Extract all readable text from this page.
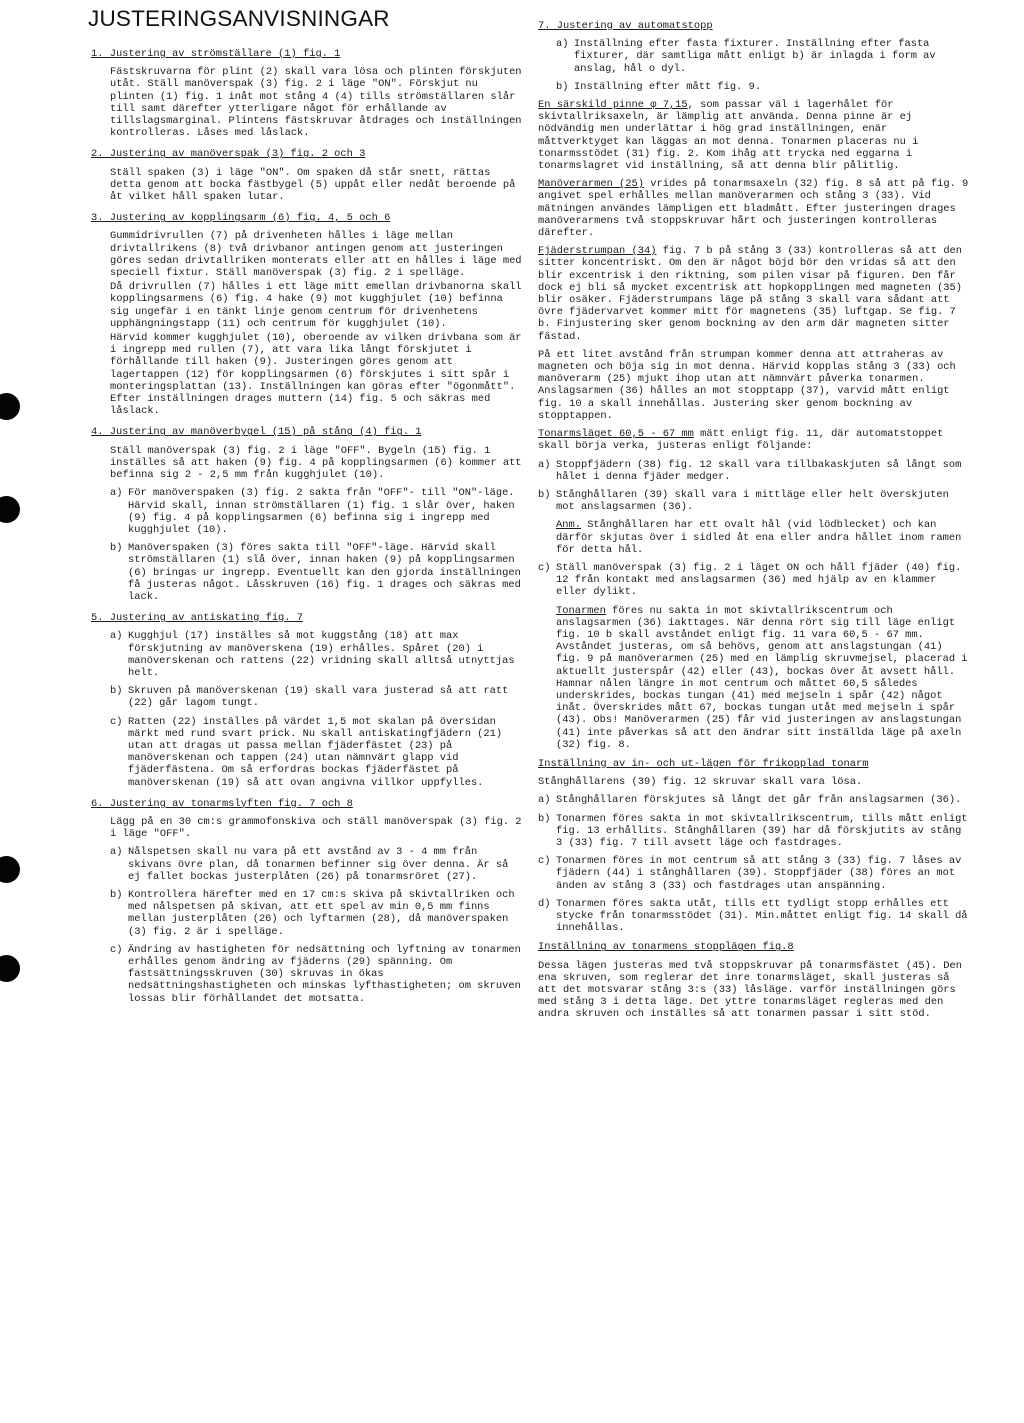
JUSTERINGSANVISNINGAR
1. Justering av strömställare (1) fig. 1
Fästskruvarna för plint (2) skall vara lösa och plinten förskjuten utåt. Ställ manöverspak (3) fig. 2 i läge "ON". Förskjut nu plinten (1) fig. 1 inåt mot stång 4 (4) tills strömställaren slår till samt därefter ytterligare något för erhållande av tillslagsmarginal. Plintens fästskruvar åtdrages och inställningen kontrolleras. Låses med låslack.
2. Justering av manöverspak (3) fig. 2 och 3
Ställ spaken (3) i läge "ON". Om spaken då står snett, rättas detta genom att bocka fästbygel (5) uppåt eller nedåt beroende på åt vilket håll spaken lutar.
3. Justering av kopplingsarm (6) fig. 4, 5 och 6
Gummidrivrullen (7) på drivenheten hålles i läge mellan drivtallrikens (8) två drivbanor antingen genom att justeringen göres sedan drivtallriken monterats eller att en hålles i läge med speciell fixtur. Ställ manöverspak (3) fig. 2 i spelläge.
Då drivrullen (7) hålles i ett läge mitt emellan drivbanorna skall kopplingsarmens (6) fig. 4 hake (9) mot kugghjulet (10) befinna sig ungefär i en tänkt linje genom centrum för drivenhetens upphängningstapp (11) och centrum för kugghjulet (10).
Härvid kommer kugghjulet (10), oberoende av vilken drivbana som är i ingrepp med rullen (7), att vara lika långt förskjutet i förhållande till haken (9). Justeringen göres genom att lagertappen (12) för kopplingsarmen (6) förskjutes i sitt spår i monteringsplattan (13). Inställningen kan göras efter "ögonmått". Efter inställningen drages muttern (14) fig. 5 och säkras med låslack.
4. Justering av manöverbygel (15) på stång (4) fig. 1
Ställ manöverspak (3) fig. 2 i läge "OFF". Bygeln (15) fig. 1 inställes så att haken (9) fig. 4 på kopplingsarmen (6) kommer att befinna sig 2 - 2,5 mm från kugghjulet (10).
a) För manöverspaken (3) fig. 2 sakta från "OFF"- till "ON"-läge. Härvid skall, innan strömställaren (1) fig. 1 slår över, haken (9) fig. 4 på kopplingsarmen (6) befinna sig i ingrepp med kugghjulet (10).
b) Manöverspaken (3) föres sakta till "OFF"-läge. Härvid skall strömställaren (1) slå över, innan haken (9) på kopplingsarmen (6) bringas ur ingrepp. Eventuellt kan den gjorda inställningen få justeras något. Låsskruven (16) fig. 1 drages och säkras med lack.
5. Justering av antiskating fig. 7
a) Kugghjul (17) inställes så mot kuggstång (18) att max förskjutning av manöverskena (19) erhålles. Spåret (20) i manöverskenan och rattens (22) vridning skall alltså utnyttjas helt.
b) Skruven på manöverskenan (19) skall vara justerad så att ratt (22) går lagom tungt.
c) Ratten (22) inställes på värdet 1,5 mot skalan på översidan märkt med rund svart prick. Nu skall antiskatingfjädern (21) utan att dragas ut passa mellan fjäderfästet (23) på manöverskenan och tappen (24) utan nämnvärt glapp vid fjäderfästena. Om så erfordras bockas fjäderfästet på manöverskenan (19) så att ovan angivna villkor uppfylles.
6. Justering av tonarmslyften fig. 7 och 8
Lägg på en 30 cm:s grammofonskiva och ställ manöverspak (3) fig. 2 i läge "OFF".
a) Nålspetsen skall nu vara på ett avstånd av 3 - 4 mm från skivans övre plan, då tonarmen befinner sig över denna. Är så ej fallet bockas justerplåten (26) på tonarmsröret (27).
b) Kontrollera härefter med en 17 cm:s skiva på skivtallriken och med nålspetsen på skivan, att ett spel av min 0,5 mm finns mellan justerplåten (26) och lyftarmen (28), då manöverspaken (3) fig. 2 är i spelläge.
c) Ändring av hastigheten för nedsättning och lyftning av tonarmen erhålles genom ändring av fjäderns (29) spänning. Om fastsättningsskruven (30) skruvas in ökas nedsättningshastigheten och minskas lyfthastigheten; om skruven lossas blir förhållandet det motsatta.
7. Justering av automatstopp
a) Inställning efter fasta fixturer. Inställning efter fasta fixturer, där samtliga mått enligt b) är inlagda i form av anslag, hål o dyl.
b) Inställning efter mått fig. 9.
En särskild pinne φ 7,15, som passar väl i lagerhålet för skivtallriksaxeln, är lämplig att använda. Denna pinne är ej nödvändig men underlättar i hög grad inställningen, enär måttverktyget kan läggas an mot denna. Tonarmen placeras nu i tonarmsstödet (31) fig. 2. Kom ihåg att trycka ned eggarna i tonarmslagret vid inställning, så att denna blir pålitlig.
Manöverarmen (25) vrides på tonarmsaxeln (32) fig. 8 så att på fig. 9 angivet spel erhålles mellan manöverarmen och stång 3 (33). Vid mätningen användes lämpligen ett bladmått. Efter justeringen drages manöverarmens två stoppskruvar hårt och justeringen kontrolleras därefter.
Fjäderstrumpan (34) fig. 7 b på stång 3 (33) kontrolleras så att den sitter koncentriskt. Om den är något böjd bör den vridas så att den blir excentrisk i den riktning, som pilen visar på figuren. Den får dock ej bli så mycket excentrisk att hopkopplingen med magneten (35) blir osäker. Fjäderstrumpans läge på stång 3 skall vara sådant att övre fjädervarvet kommer mitt för magnetens (35) luftgap. Se fig. 7 b. Finjustering sker genom bockning av den arm där magneten sitter fästad.
På ett litet avstånd från strumpan kommer denna att attraheras av magneten och böja sig in mot denna. Härvid kopplas stång 3 (33) och manöverarm (25) mjukt ihop utan att nämnvärt påverka tonarmen. Anslagsarmen (36) hålles an mot stopptapp (37), varvid mått enligt fig. 10 a skall innehållas. Justering sker genom bockning av stopptappen.
Tonarmsläget 60,5 - 67 mm mätt enligt fig. 11, där automatstoppet skall börja verka, justeras enligt följande:
a) Stoppfjädern (38) fig. 12 skall vara tillbakaskjuten så långt som hålet i denna fjäder medger.
b) Stånghållaren (39) skall vara i mittläge eller helt överskjuten mot anslagsarmen (36).
Anm. Stånghållaren har ett ovalt hål (vid lödblecket) och kan därför skjutas över i sidled åt ena eller andra hållet inom ramen för detta hål.
c) Ställ manöverspak (3) fig. 2 i läget ON och håll fjäder (40) fig. 12 från kontakt med anslagsarmen (36) med hjälp av en klammer eller dylikt.
Tonarmen föres nu sakta in mot skivtallrikscentrum och anslagsarmen (36) iakttages. När denna rört sig till läge enligt fig. 10 b skall avståndet enligt fig. 11 vara 60,5 - 67 mm. Avståndet justeras, om så behövs, genom att anslagstungan (41) fig. 9 på manöverarmen (25) med en lämplig skruvmejsel, placerad i aktuellt justerspår (42) eller (43), bockas över åt avsett håll. Hamnar nålen längre in mot centrum och måttet 60,5 således underskrides, bockas tungan (41) med mejseln i spår (42) något inåt. Överskrides mått 67, bockas tungan utåt med mejseln i spår (43). Obs! Manöverarmen (25) får vid justeringen av anslagstungan (41) inte påverkas så att den ändrar sitt inställda läge på axeln (32) fig. 8.
Inställning av in- och ut-lägen för frikopplad tonarm
Stånghållarens (39) fig. 12 skruvar skall vara lösa.
a) Stånghållaren förskjutes så långt det går från anslagsarmen (36).
b) Tonarmen föres sakta in mot skivtallrikscentrum, tills mått enligt fig. 13 erhållits. Stånghållaren (39) har då förskjutits av stång 3 (33) fig. 7 till avsett läge och fastdrages.
c) Tonarmen föres in mot centrum så att stång 3 (33) fig. 7 låses av fjädern (44) i stånghållaren (39). Stoppfjäder (38) föres an mot änden av stång 3 (33) och fastdrages utan anspänning.
d) Tonarmen föres sakta utåt, tills ett tydligt stopp erhålles ett stycke från tonarmsstödet (31). Min.måttet enligt fig. 14 skall då innehållas.
Inställning av tonarmens stopplägen fig.8
Dessa lägen justeras med två stoppskruvar på tonarmsfästet (45). Den ena skruven, som reglerar det inre tonarmsläget, skall justeras så att det motsvarar stång 3:s (33) låsläge. varför inställningen görs med stång 3 i detta läge. Det yttre tonarmsläget regleras med den andra skruven och inställes så att tonarmen passar i sitt stöd.
